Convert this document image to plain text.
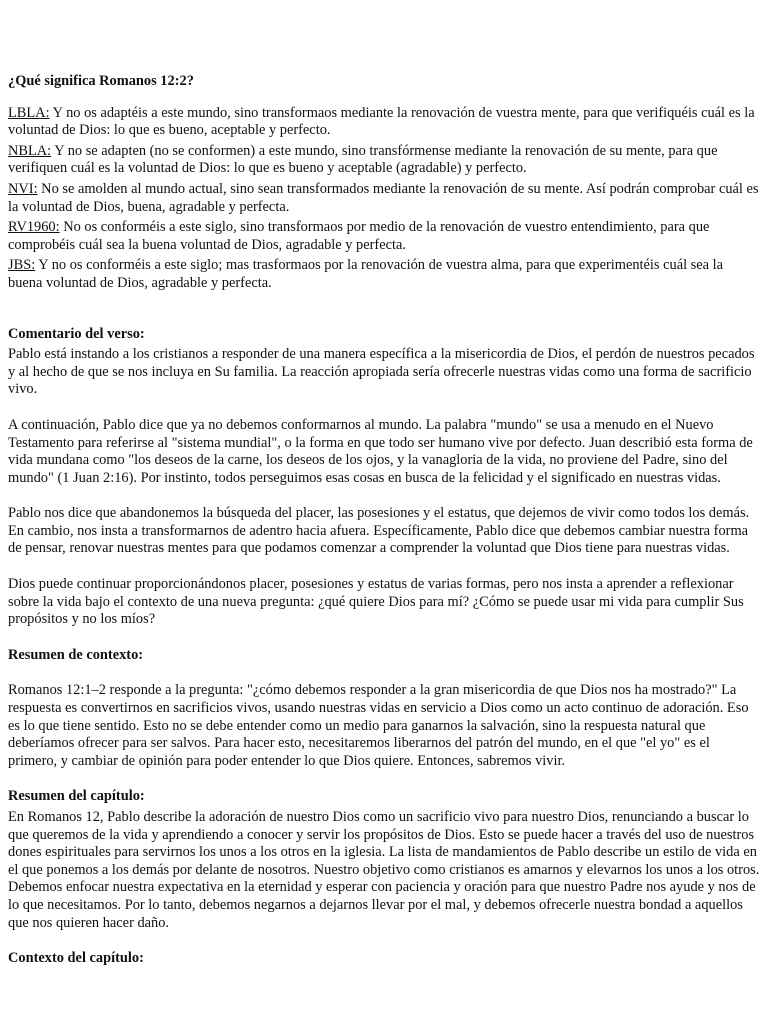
¿Qué significa Romanos 12:2?

LBLA: Y no os adaptéis a este mundo, sino transformaos mediante la renovación de vuestra mente, para que verifiquéis cuál es la voluntad de Dios: lo que es bueno, aceptable y perfecto.

NBLA: Y no se adapten (no se conformen) a este mundo, sino transfórmense mediante la renovación de su mente, para que verifiquen cuál es la voluntad de Dios: lo que es bueno y aceptable (agradable) y perfecto.

NVI: No se amolden al mundo actual, sino sean transformados mediante la renovación de su mente. Así podrán comprobar cuál es la voluntad de Dios, buena, agradable y perfecta.

RV1960: No os conforméis a este siglo, sino transformaos por medio de la renovación de vuestro entendimiento, para que comprobéis cuál sea la buena voluntad de Dios, agradable y perfecta.

JBS: Y no os conforméis a este siglo; mas trasformaos por la renovación de vuestra alma, para que experimentéis cuál sea la buena voluntad de Dios, agradable y perfecta.

Comentario del verso:

Pablo está instando a los cristianos a responder de una manera específica a la misericordia de Dios, el perdón de nuestros pecados y al hecho de que se nos incluya en Su familia. La reacción apropiada sería ofrecerle nuestras vidas como una forma de sacrificio vivo.

A continuación, Pablo dice que ya no debemos conformarnos al mundo. La palabra "mundo" se usa a menudo en el Nuevo Testamento para referirse al "sistema mundial", o la forma en que todo ser humano vive por defecto. Juan describió esta forma de vida mundana como "los deseos de la carne, los deseos de los ojos, y la vanagloria de la vida, no proviene del Padre, sino del mundo" (1 Juan 2:16). Por instinto, todos perseguimos esas cosas en busca de la felicidad y el significado en nuestras vidas.

Pablo nos dice que abandonemos la búsqueda del placer, las posesiones y el estatus, que dejemos de vivir como todos los demás. En cambio, nos insta a transformarnos de adentro hacia afuera. Específicamente, Pablo dice que debemos cambiar nuestra forma de pensar, renovar nuestras mentes para que podamos comenzar a comprender la voluntad que Dios tiene para nuestras vidas.

Dios puede continuar proporcionándonos placer, posesiones y estatus de varias formas, pero nos insta a aprender a reflexionar sobre la vida bajo el contexto de una nueva pregunta: ¿qué quiere Dios para mí? ¿Cómo se puede usar mi vida para cumplir Sus propósitos y no los míos?

Resumen de contexto:

Romanos 12:1–2 responde a la pregunta: "¿cómo debemos responder a la gran misericordia de que Dios nos ha mostrado?" La respuesta es convertirnos en sacrificios vivos, usando nuestras vidas en servicio a Dios como un acto continuo de adoración. Eso es lo que tiene sentido. Esto no se debe entender como un medio para ganarnos la salvación, sino la respuesta natural que deberíamos ofrecer para ser salvos. Para hacer esto, necesitaremos liberarnos del patrón del mundo, en el que "el yo" es el primero, y cambiar de opinión para poder entender lo que Dios quiere. Entonces, sabremos vivir.

Resumen del capítulo:

En Romanos 12, Pablo describe la adoración de nuestro Dios como un sacrificio vivo para nuestro Dios, renunciando a buscar lo que queremos de la vida y aprendiendo a conocer y servir los propósitos de Dios. Esto se puede hacer a través del uso de nuestros dones espirituales para servirnos los unos a los otros en la iglesia. La lista de mandamientos de Pablo describe un estilo de vida en el que ponemos a los demás por delante de nosotros. Nuestro objetivo como cristianos es amarnos y elevarnos los unos a los otros. Debemos enfocar nuestra expectativa en la eternidad y esperar con paciencia y oración para que nuestro Padre nos ayude y nos de lo que necesitamos. Por lo tanto, debemos negarnos a dejarnos llevar por el mal, y debemos ofrecerle nuestra bondad a aquellos que nos quieren hacer daño.

Contexto del capítulo:
